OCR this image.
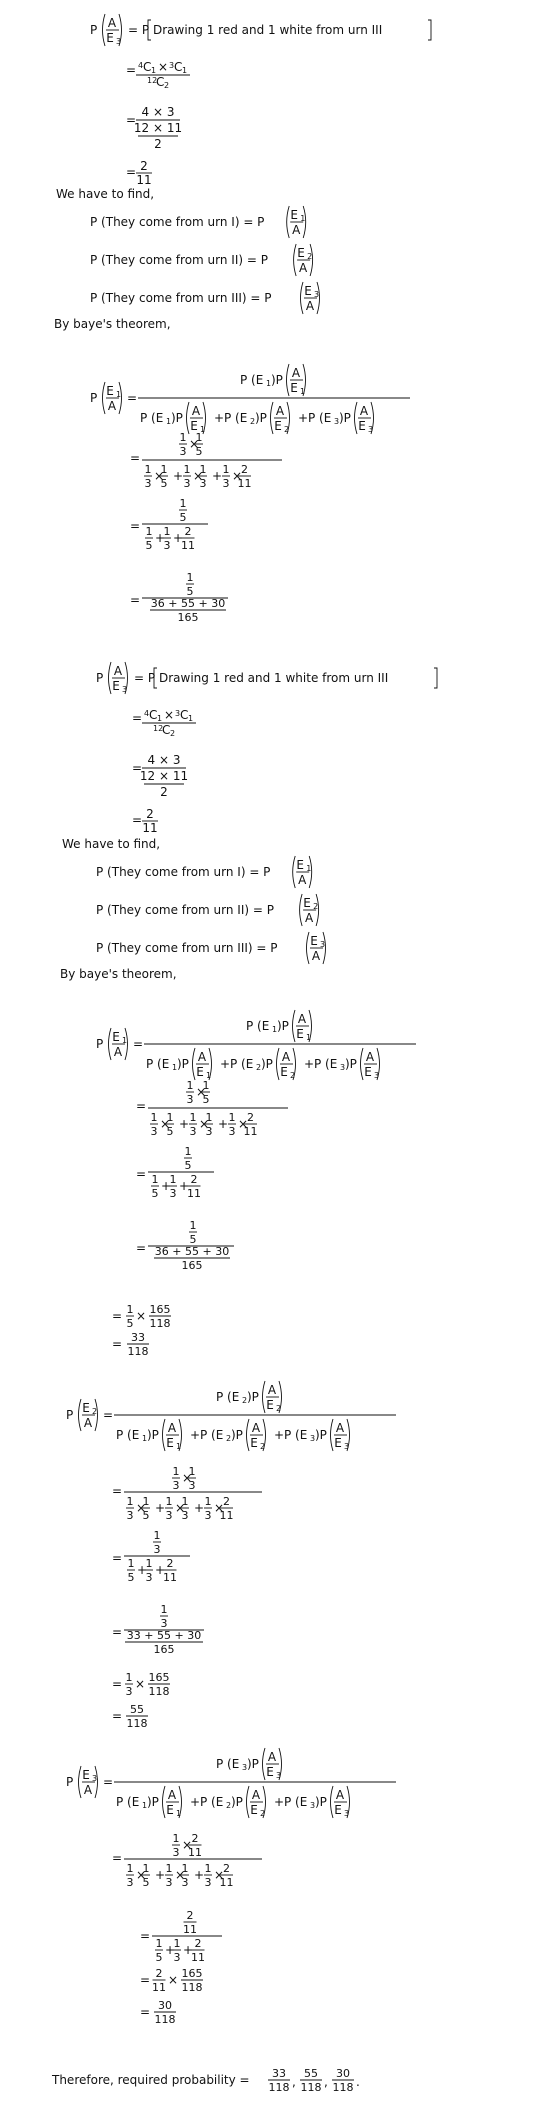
P A
E 3
= P Drawing 1 red and 1 white from urn III
= 4 C 1 × 3 C 1
12
C 2
=
4 × 3
12 × 11
2
= 2
11
We have to find,
P (They come from urn I) = P E 1
A
P (They come from urn II) = P E 2
A
P (They come from urn III) = P	E 3
A
By baye's theorem,
P E 1
A
=
P (E 1 )P A
E 1
P (E 1 )P A
E 1
+ P (E 2 )P A
E 2
+ P (E 3 )P A
E 3
=
1
3
×
1
5
1
3
×
1
5
+ 1
3
×
1
3
+ 1
3
×
2
11
=
1
5
1
5
+
1
3
+ 2
11
=
1
5
36 + 55 + 30
165
P A
E 3
= P Drawing 1 red and 1 white from urn III
= 4 C 1 × 3 C 1
12
C 2
=
4 × 3
12 × 11
2
= 2
11
We have to find,
P (They come from urn I) = P E 1
A
P (They come from urn II) = P E 2
A
P (They come from urn III) = P	E 3
A
By baye's theorem,
P E 1
A
=
P (E 1 )P A
E 1
P (E 1 )P A
E 1
+ P (E 2 )P A
E 2
+ P (E 3 )P A
E 3
=
1
3
×
1
5
1
3
×
1
5
+ 1
3
×
1
3
+ 1
3
×
2
11
=
1
5
1
5
+
1
3
+ 2
11
=
1
5
36 + 55 + 30
165
= 1
5
× 165
118
= 33
118
P E 2
A
=
P (E 2 )P A
E 2
P (E 1 )P A
E 1
+ P (E 2 )P A
E 2
+ P (E 3 )P A
E 3
=
1
3
×
1
3
1
3
×
1
5
+ 1
3
×
1
3
+ 1
3
×
2
11
=
1
3
1
5
+
1
3
+ 2
11
=
1
3
33 + 55 + 30
165
= 1
3
× 165
118
= 55
118
P E 3
A
=
P (E 3 )P A
E 3
P (E 1 )P A
E 1
+ P (E 2 )P A
E 2
+ P (E 3 )P A
E 3
=
1
3
× 2
11
1
3
×
1
5
+ 1
3
×
1
3
+ 1
3
×
2
11
=
2
11
1
5
+
1
3
+ 2
11
= 2
11
× 165
118
= 30
118
Therefore, required probability = 33
118 ,
55
118 ,
30
118 .
